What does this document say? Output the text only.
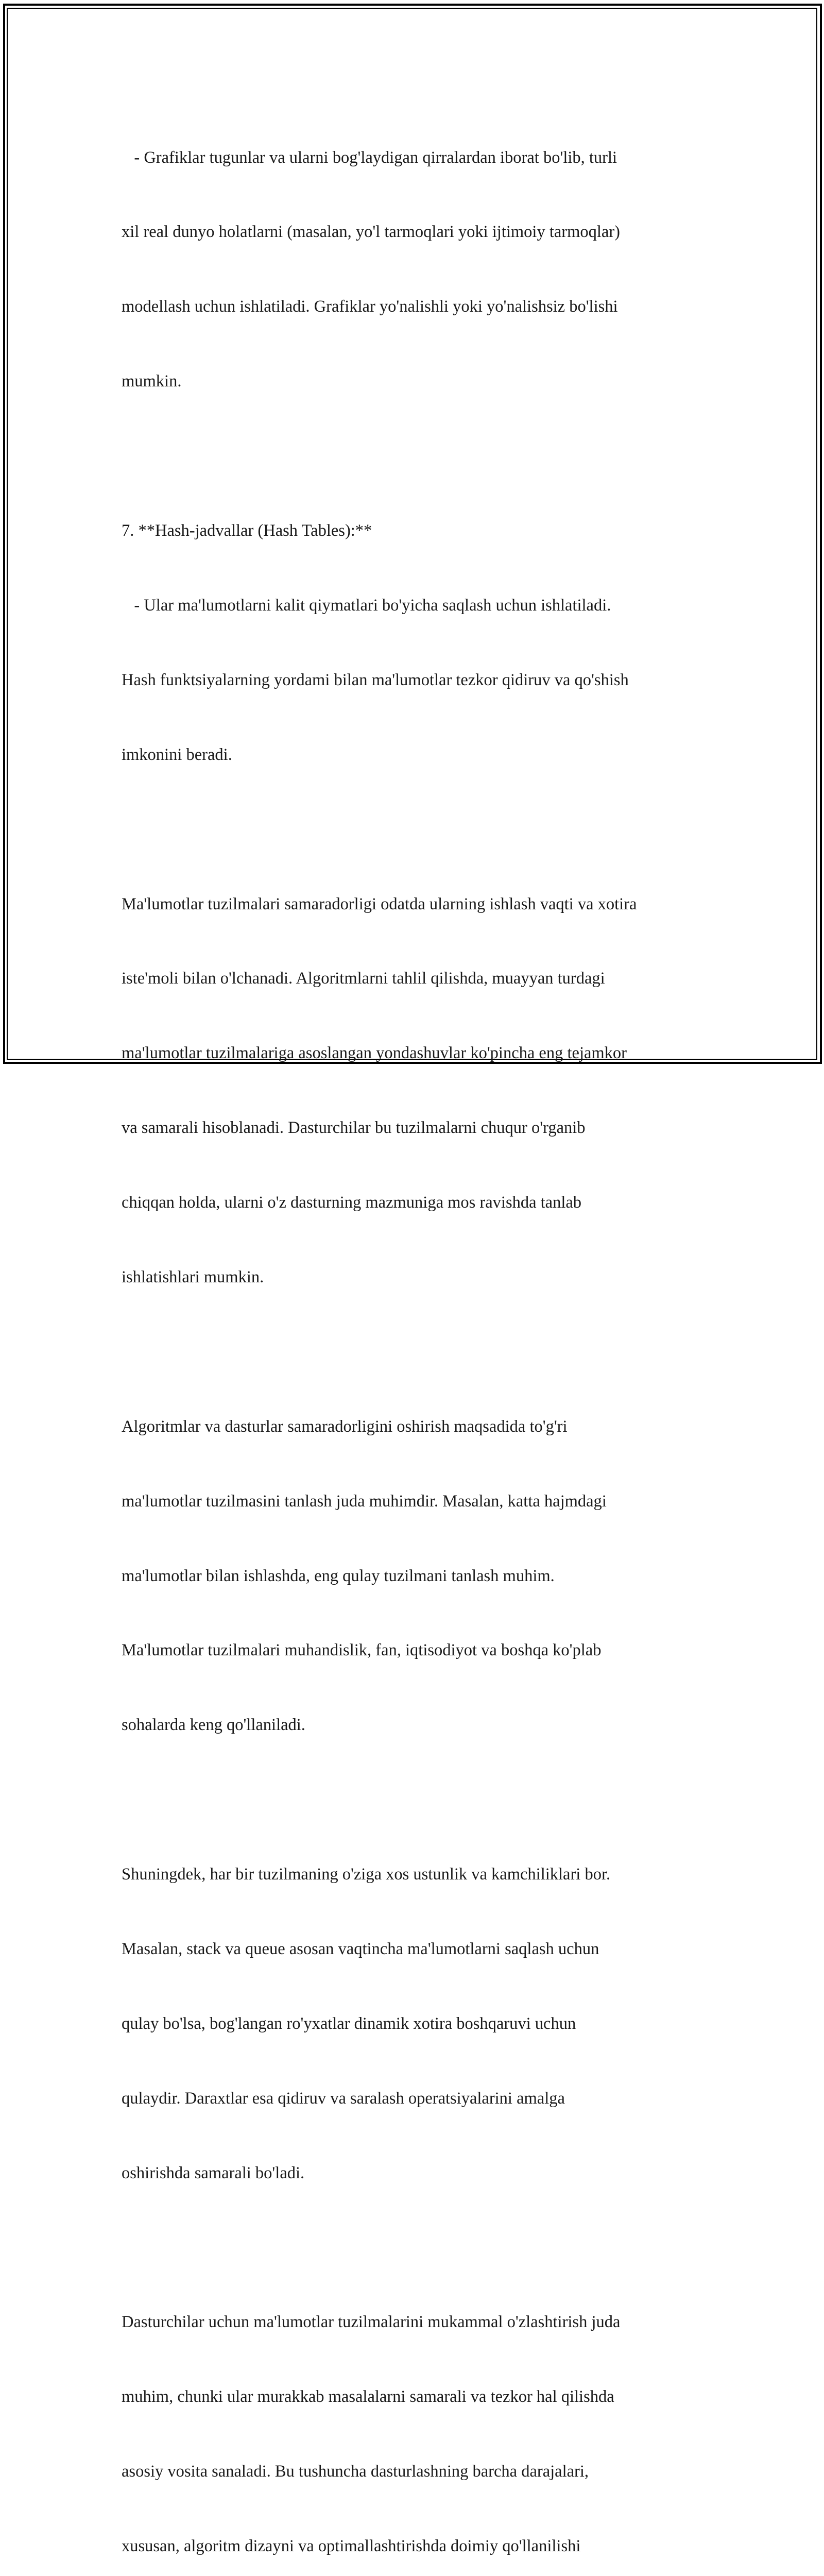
- Grafiklar tugunlar va ularni bog'laydigan qirralardan iborat bo'lib, turli

xil real dunyo holatlarni (masalan, yo'l tarmoqlari yoki ijtimoiy tarmoqlar)

modellash uchun ishlatiladi. Grafiklar yo'nalishli yoki yo'nalishsiz bo'lishi

mumkin.

7. **Hash-jadvallar (Hash Tables):**

- Ular ma'lumotlarni kalit qiymatlari bo'yicha saqlash uchun ishlatiladi.

Hash funktsiyalarning yordami bilan ma'lumotlar tezkor qidiruv va qo'shish

imkonini beradi.

Ma'lumotlar tuzilmalari samaradorligi odatda ularning ishlash vaqti va xotira

iste'moli bilan o'lchanadi. Algoritmlarni tahlil qilishda, muayyan turdagi

ma'lumotlar tuzilmalariga asoslangan yondashuvlar ko'pincha eng tejamkor

va samarali hisoblanadi. Dasturchilar bu tuzilmalarni chuqur o'rganib

chiqqan holda, ularni o'z dasturning mazmuniga mos ravishda tanlab

ishlatishlari mumkin.

Algoritmlar va dasturlar samaradorligini oshirish maqsadida to'g'ri

ma'lumotlar tuzilmasini tanlash juda muhimdir. Masalan, katta hajmdagi

ma'lumotlar bilan ishlashda, eng qulay tuzilmani tanlash muhim.

Ma'lumotlar tuzilmalari muhandislik, fan, iqtisodiyot va boshqa ko'plab

sohalarda keng qo'llaniladi.

Shuningdek, har bir tuzilmaning o'ziga xos ustunlik va kamchiliklari bor.

Masalan, stack va queue asosan vaqtincha ma'lumotlarni saqlash uchun

qulay bo'lsa, bog'langan ro'yxatlar dinamik xotira boshqaruvi uchun

qulaydir. Daraxtlar esa qidiruv va saralash operatsiyalarini amalga

oshirishda samarali bo'ladi.

Dasturchilar uchun ma'lumotlar tuzilmalarini mukammal o'zlashtirish juda

muhim, chunki ular murakkab masalalarni samarali va tezkor hal qilishda

asosiy vosita sanaladi. Bu tushuncha dasturlashning barcha darajalari,

xususan, algoritm dizayni va optimallashtirishda doimiy qo'llanilishi
